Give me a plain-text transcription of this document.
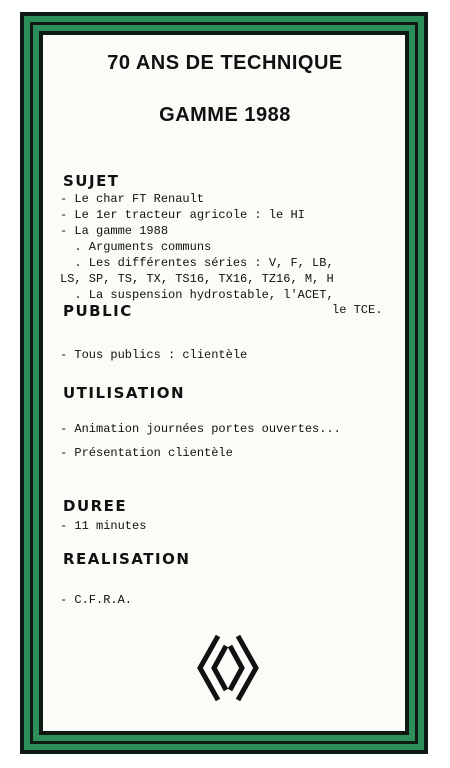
70 ANS DE TECHNIQUE
GAMME 1988
SUJET
- Le char FT Renault
- Le 1er tracteur agricole : le HI
- La gamme 1988
. Arguments communs
. Les différentes séries : V, F, LB,
LS, SP, TS, TX, TS16, TX16, TZ16, M, H
. La suspension hydrostable, l'ACET,
le TCE.
PUBLIC
- Tous publics : clientèle
UTILISATION
- Animation journées portes ouvertes...
- Présentation clientèle
DUREE
- 11 minutes
REALISATION
- C.F.R.A.
